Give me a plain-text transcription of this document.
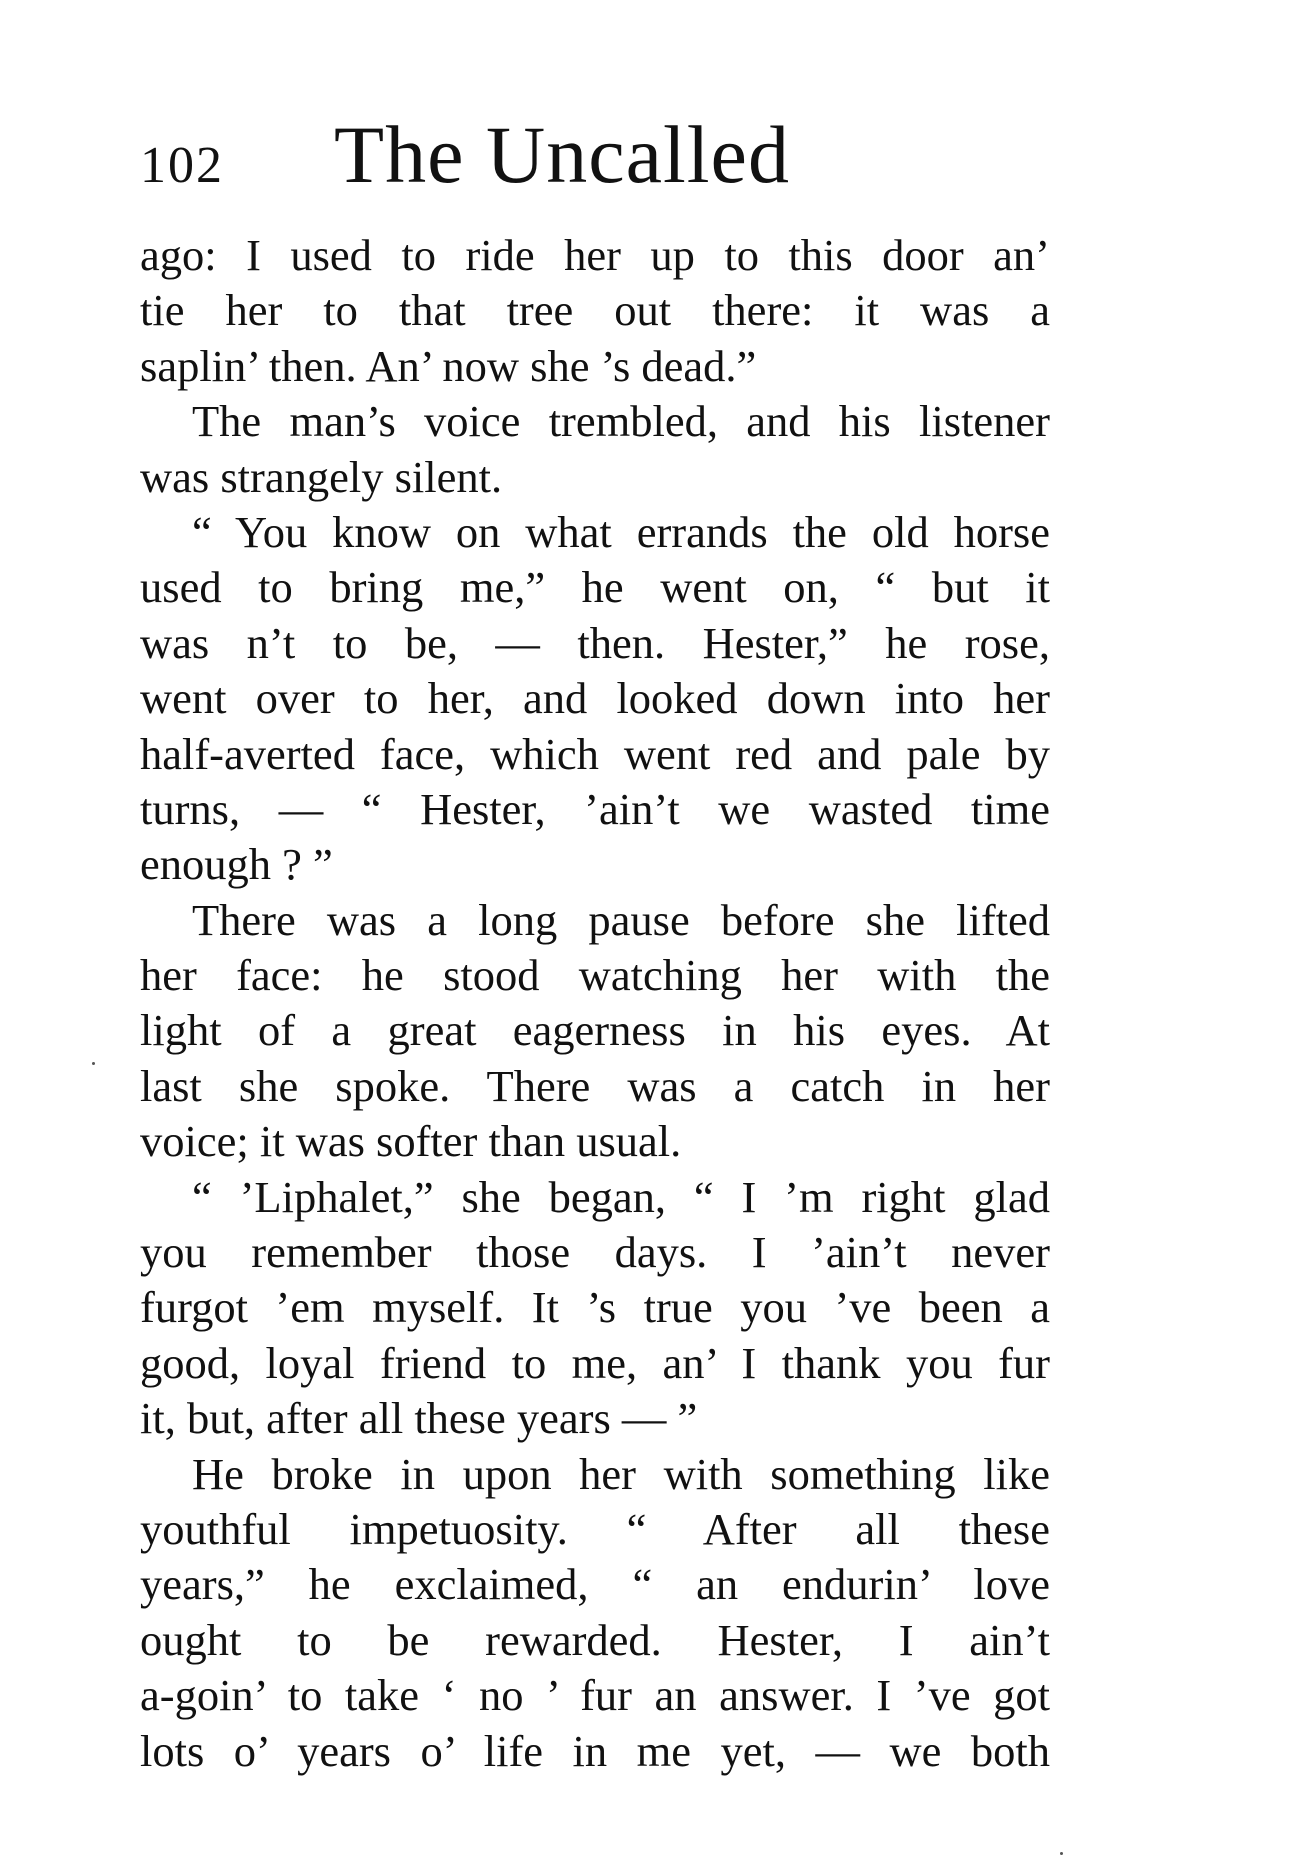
102 The Uncalled
ago: I used to ride her up to this door an’
tie her to that tree out there: it was a
saplin’ then. An’ now she ’s dead.”
The man’s voice trembled, and his listener
was strangely silent.
“ You know on what errands the old horse
used to bring me,” he went on, “ but it
was n’t to be, — then. Hester,” he rose,
went over to her, and looked down into her
half-averted face, which went red and pale by
turns, — “ Hester, ’ain’t we wasted time
enough ? ”
There was a long pause before she lifted
her face: he stood watching her with the
light of a great eagerness in his eyes. At
last she spoke. There was a catch in her
voice; it was softer than usual.
“ ’Liphalet,” she began, “ I ’m right glad
you remember those days. I ’ain’t never
furgot ’em myself. It ’s true you ’ve been a
good, loyal friend to me, an’ I thank you fur
it, but, after all these years — ”
He broke in upon her with something like
youthful impetuosity. “ After all these
years,” he exclaimed, “ an endurin’ love
ought to be rewarded. Hester, I ain’t
a-goin’ to take ‘ no ’ fur an answer. I ’ve got
lots o’ years o’ life in me yet, — we both
